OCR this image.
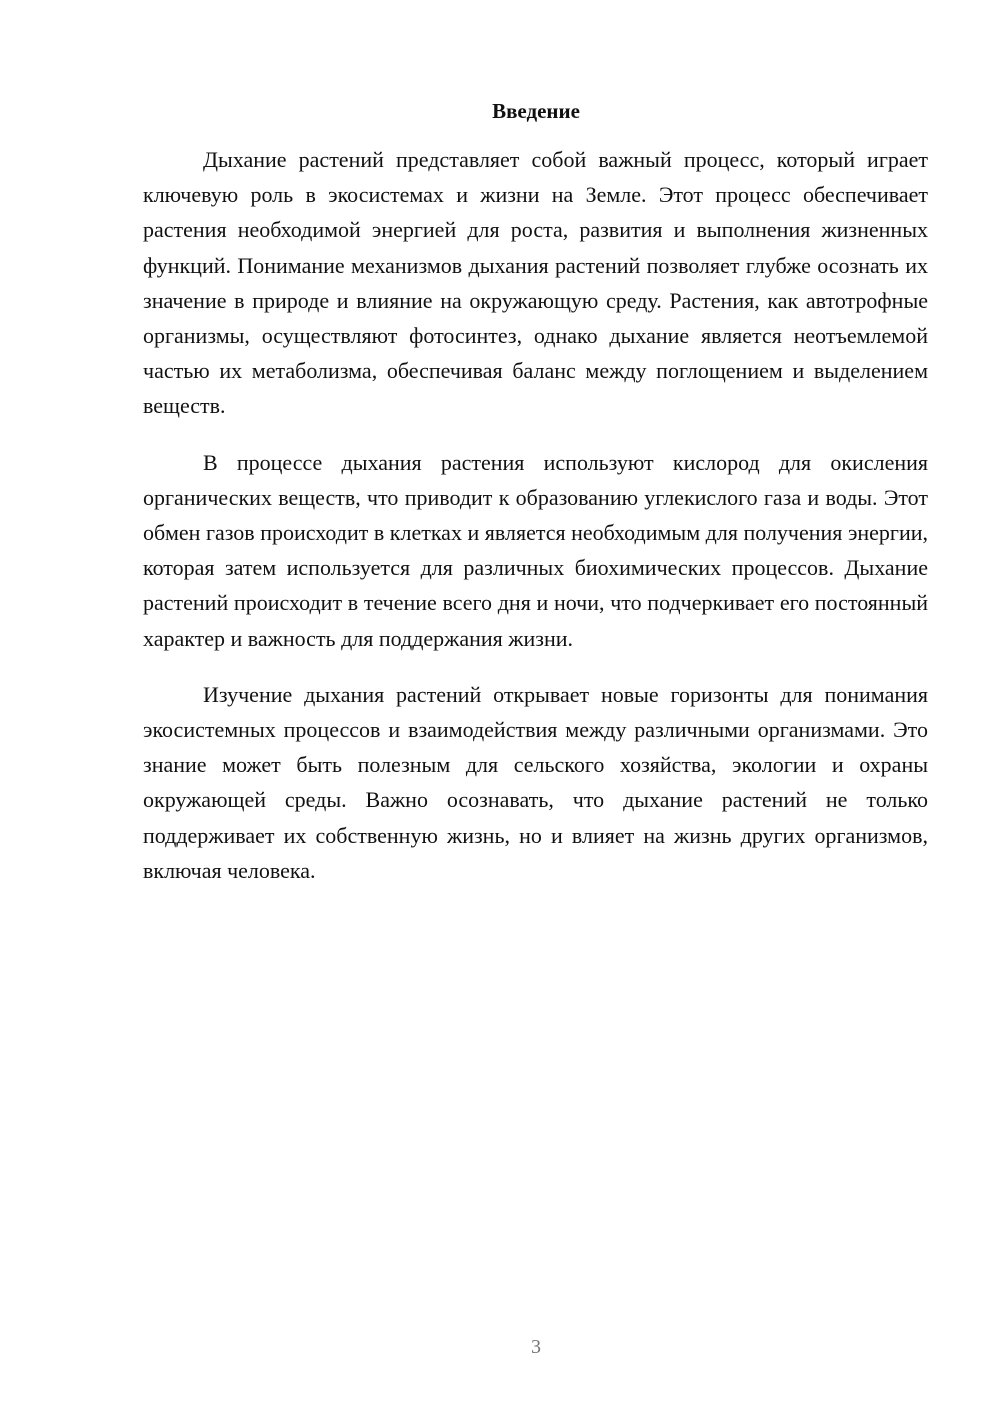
Введение

Дыхание растений представляет собой важный процесс, который играет ключевую роль в экосистемах и жизни на Земле. Этот процесс обеспечивает растения необходимой энергией для роста, развития и выполнения жизненных функций. Понимание механизмов дыхания растений позволяет глубже осознать их значение в природе и влияние на окружающую среду. Растения, как автотрофные организмы, осуществляют фотосинтез, однако дыхание является неотъемлемой частью их метаболизма, обеспечивая баланс между поглощением и выделением веществ.

В процессе дыхания растения используют кислород для окисления органических веществ, что приводит к образованию углекислого газа и воды. Этот обмен газов происходит в клетках и является необходимым для получения энергии, которая затем используется для различных биохимических процессов. Дыхание растений происходит в течение всего дня и ночи, что подчеркивает его постоянный характер и важность для поддержания жизни.

Изучение дыхания растений открывает новые горизонты для понимания экосистемных процессов и взаимодействия между различными организмами. Это знание может быть полезным для сельского хозяйства, экологии и охраны окружающей среды. Важно осознавать, что дыхание растений не только поддерживает их собственную жизнь, но и влияет на жизнь других организмов, включая человека.

3
